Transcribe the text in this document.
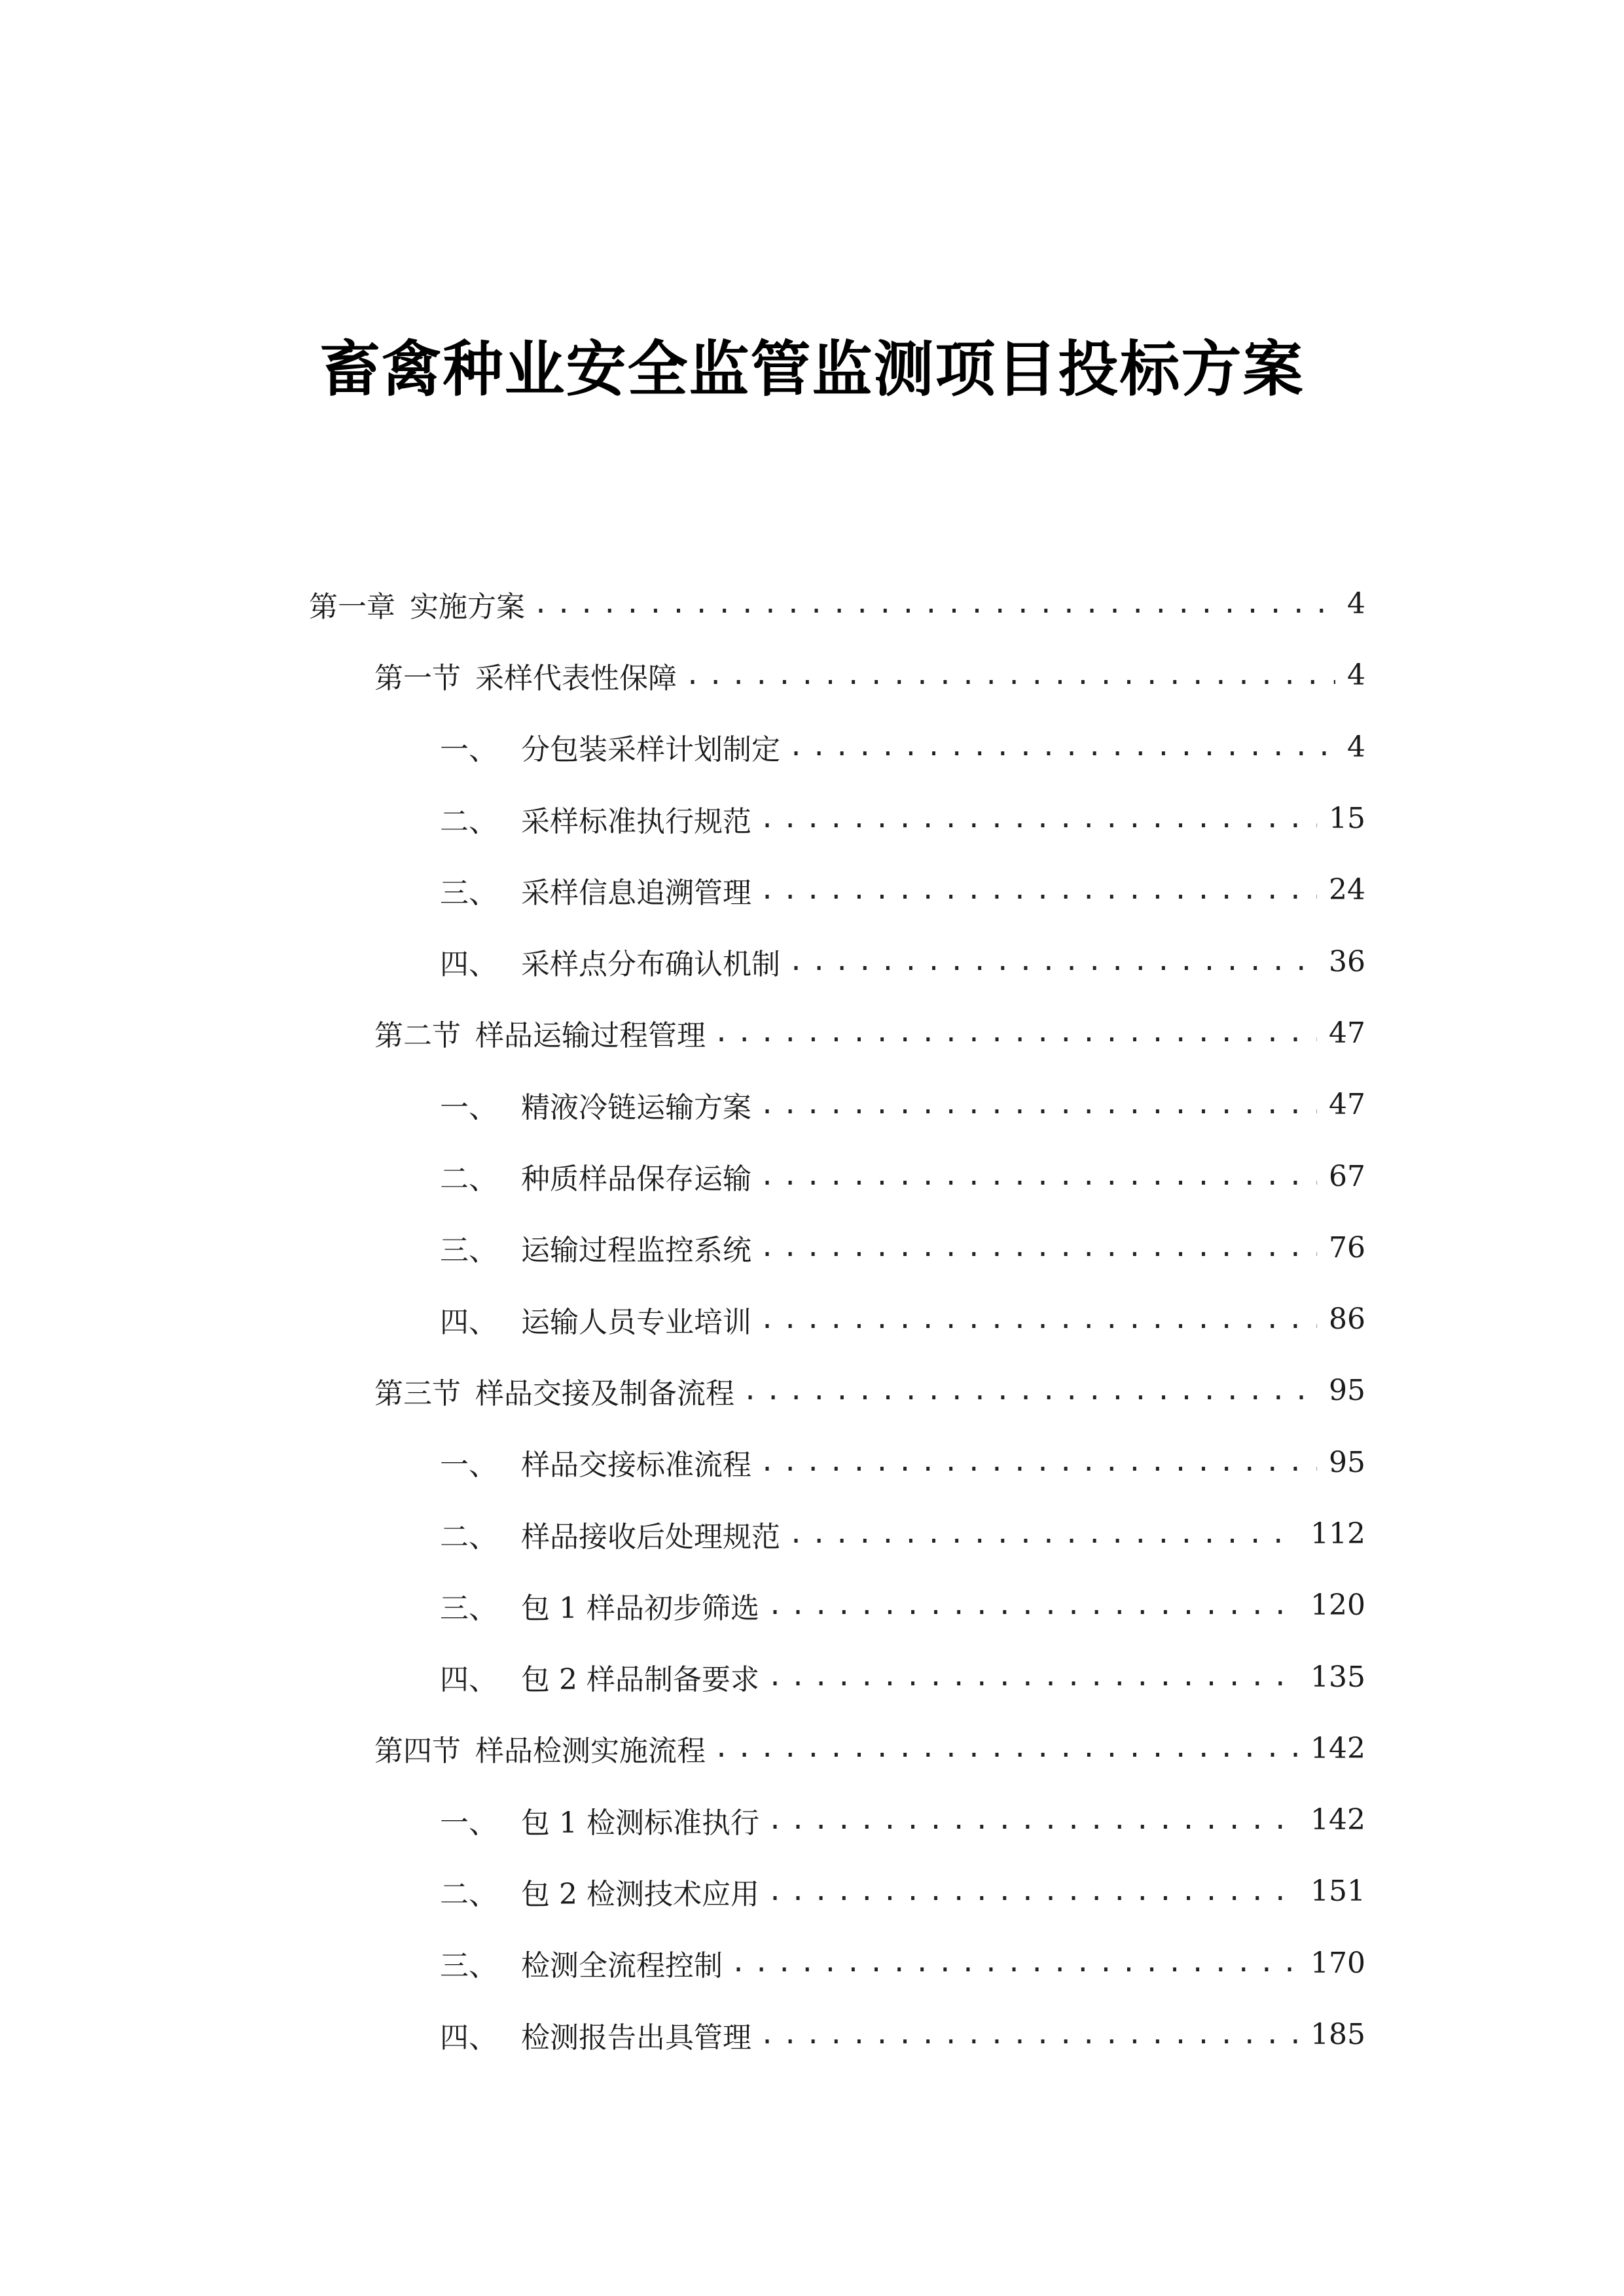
畜禽种业安全监管监测项目投标方案
第一章 实施方案 .....	4
第一节 采样代表性保障 .....	4
一、 分包装采样计划制定 .....	4
二、 采样标准执行规范 .....	15
三、 采样信息追溯管理 .....	24
四、 采样点分布确认机制 .....	36
第二节 样品运输过程管理 .....	47
一、 精液冷链运输方案 .....	47
二、 种质样品保存运输 .....	67
三、 运输过程监控系统 .....	76
四、 运输人员专业培训 .....	86
第三节 样品交接及制备流程 .....	95
一、 样品交接标准流程 .....	95
二、 样品接收后处理规范 .....	112
三、 包 1 样品初步筛选 .....	120
四、 包 2 样品制备要求 .....	135
第四节 样品检测实施流程 .....	142
一、 包 1 检测标准执行 .....	142
二、 包 2 检测技术应用 .....	151
三、 检测全流程控制 .....	170
四、 检测报告出具管理 .....	185
